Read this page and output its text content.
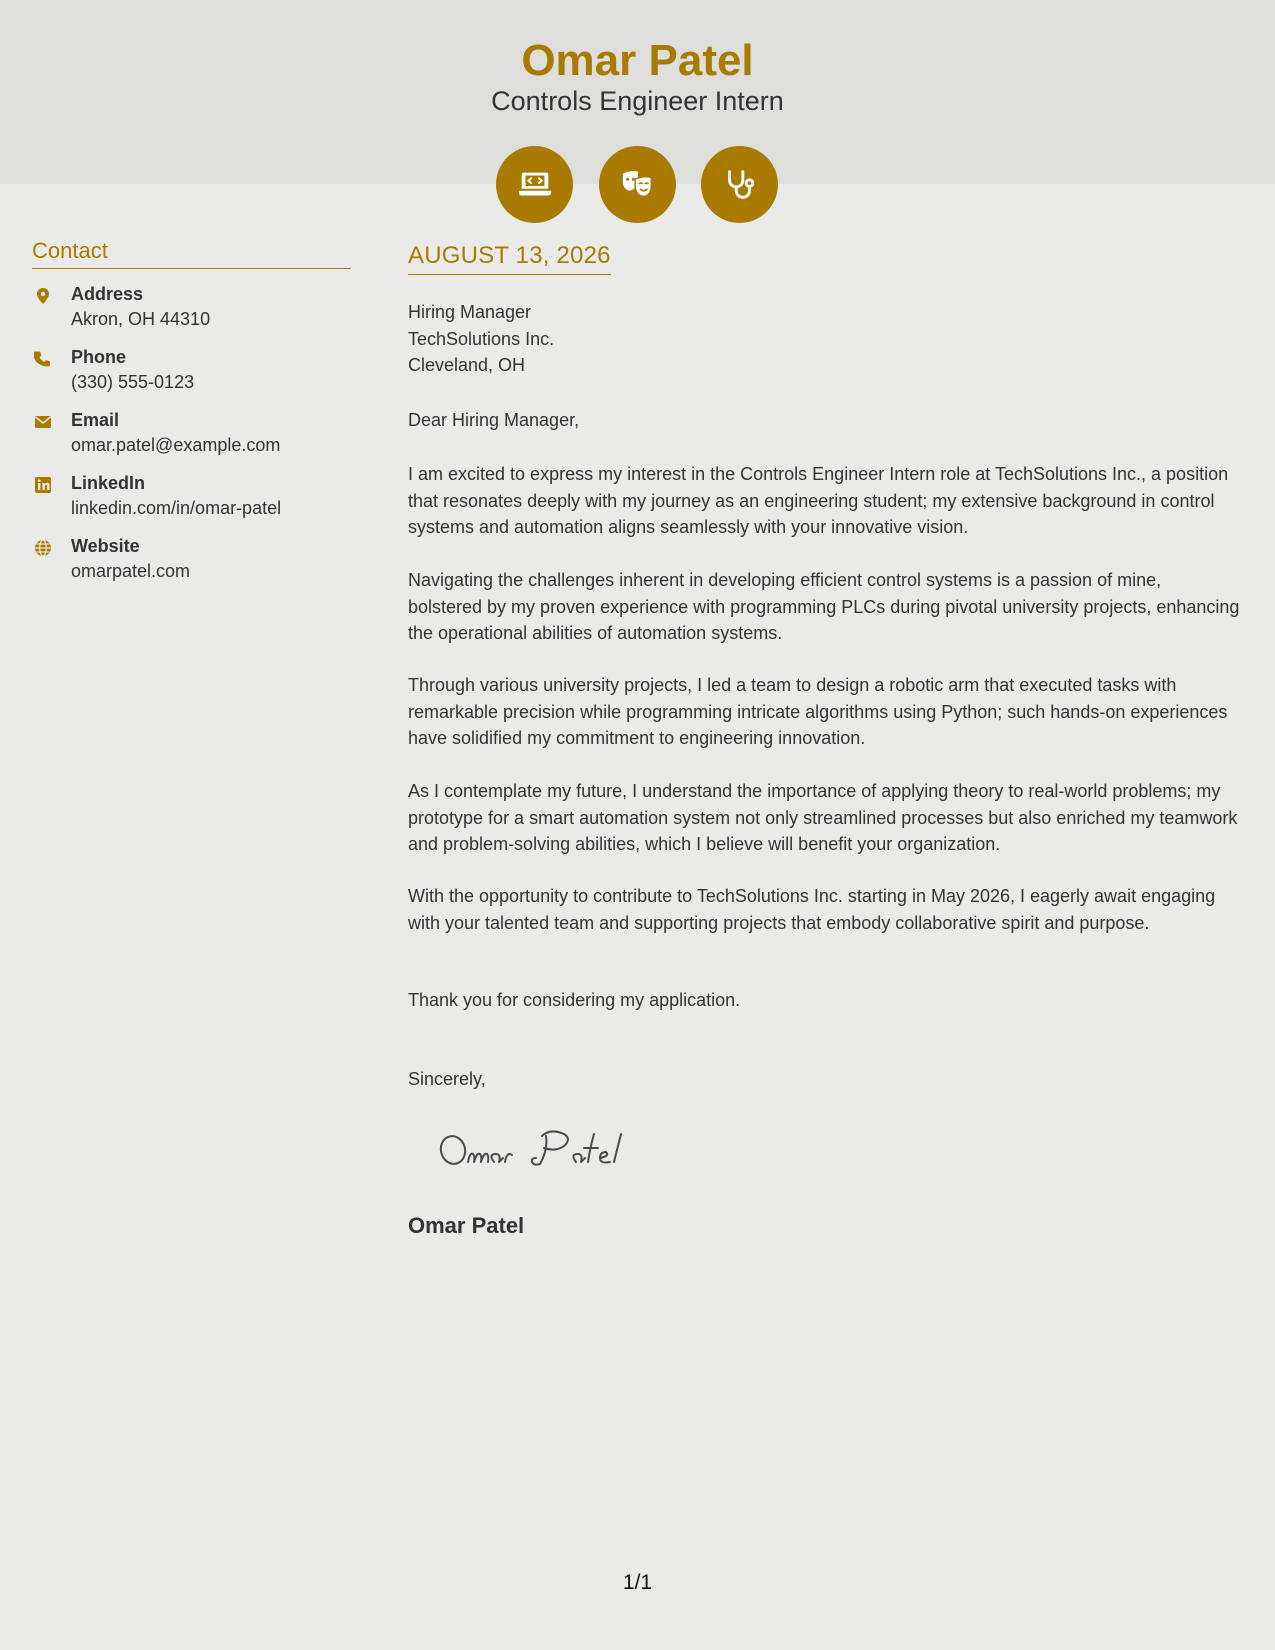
Omar Patel
Controls Engineer Intern
Contact
Address
Akron, OH 44310
Phone
(330) 555-0123
Email
omar.patel@example.com
LinkedIn
linkedin.com/in/omar-patel
Website
omarpatel.com
AUGUST 13, 2026
Hiring Manager
TechSolutions Inc.
Cleveland, OH
Dear Hiring Manager,
I am excited to express my interest in the Controls Engineer Intern role at TechSolutions Inc., a position that resonates deeply with my journey as an engineering student; my extensive background in control systems and automation aligns seamlessly with your innovative vision.
Navigating the challenges inherent in developing efficient control systems is a passion of mine, bolstered by my proven experience with programming PLCs during pivotal university projects, enhancing the operational abilities of automation systems.
Through various university projects, I led a team to design a robotic arm that executed tasks with remarkable precision while programming intricate algorithms using Python; such hands-on experiences have solidified my commitment to engineering innovation.
As I contemplate my future, I understand the importance of applying theory to real-world problems; my prototype for a smart automation system not only streamlined processes but also enriched my teamwork and problem-solving abilities, which I believe will benefit your organization.
With the opportunity to contribute to TechSolutions Inc. starting in May 2026, I eagerly await engaging with your talented team and supporting projects that embody collaborative spirit and purpose.
Thank you for considering my application.
Sincerely,
Omar Patel
1/1
